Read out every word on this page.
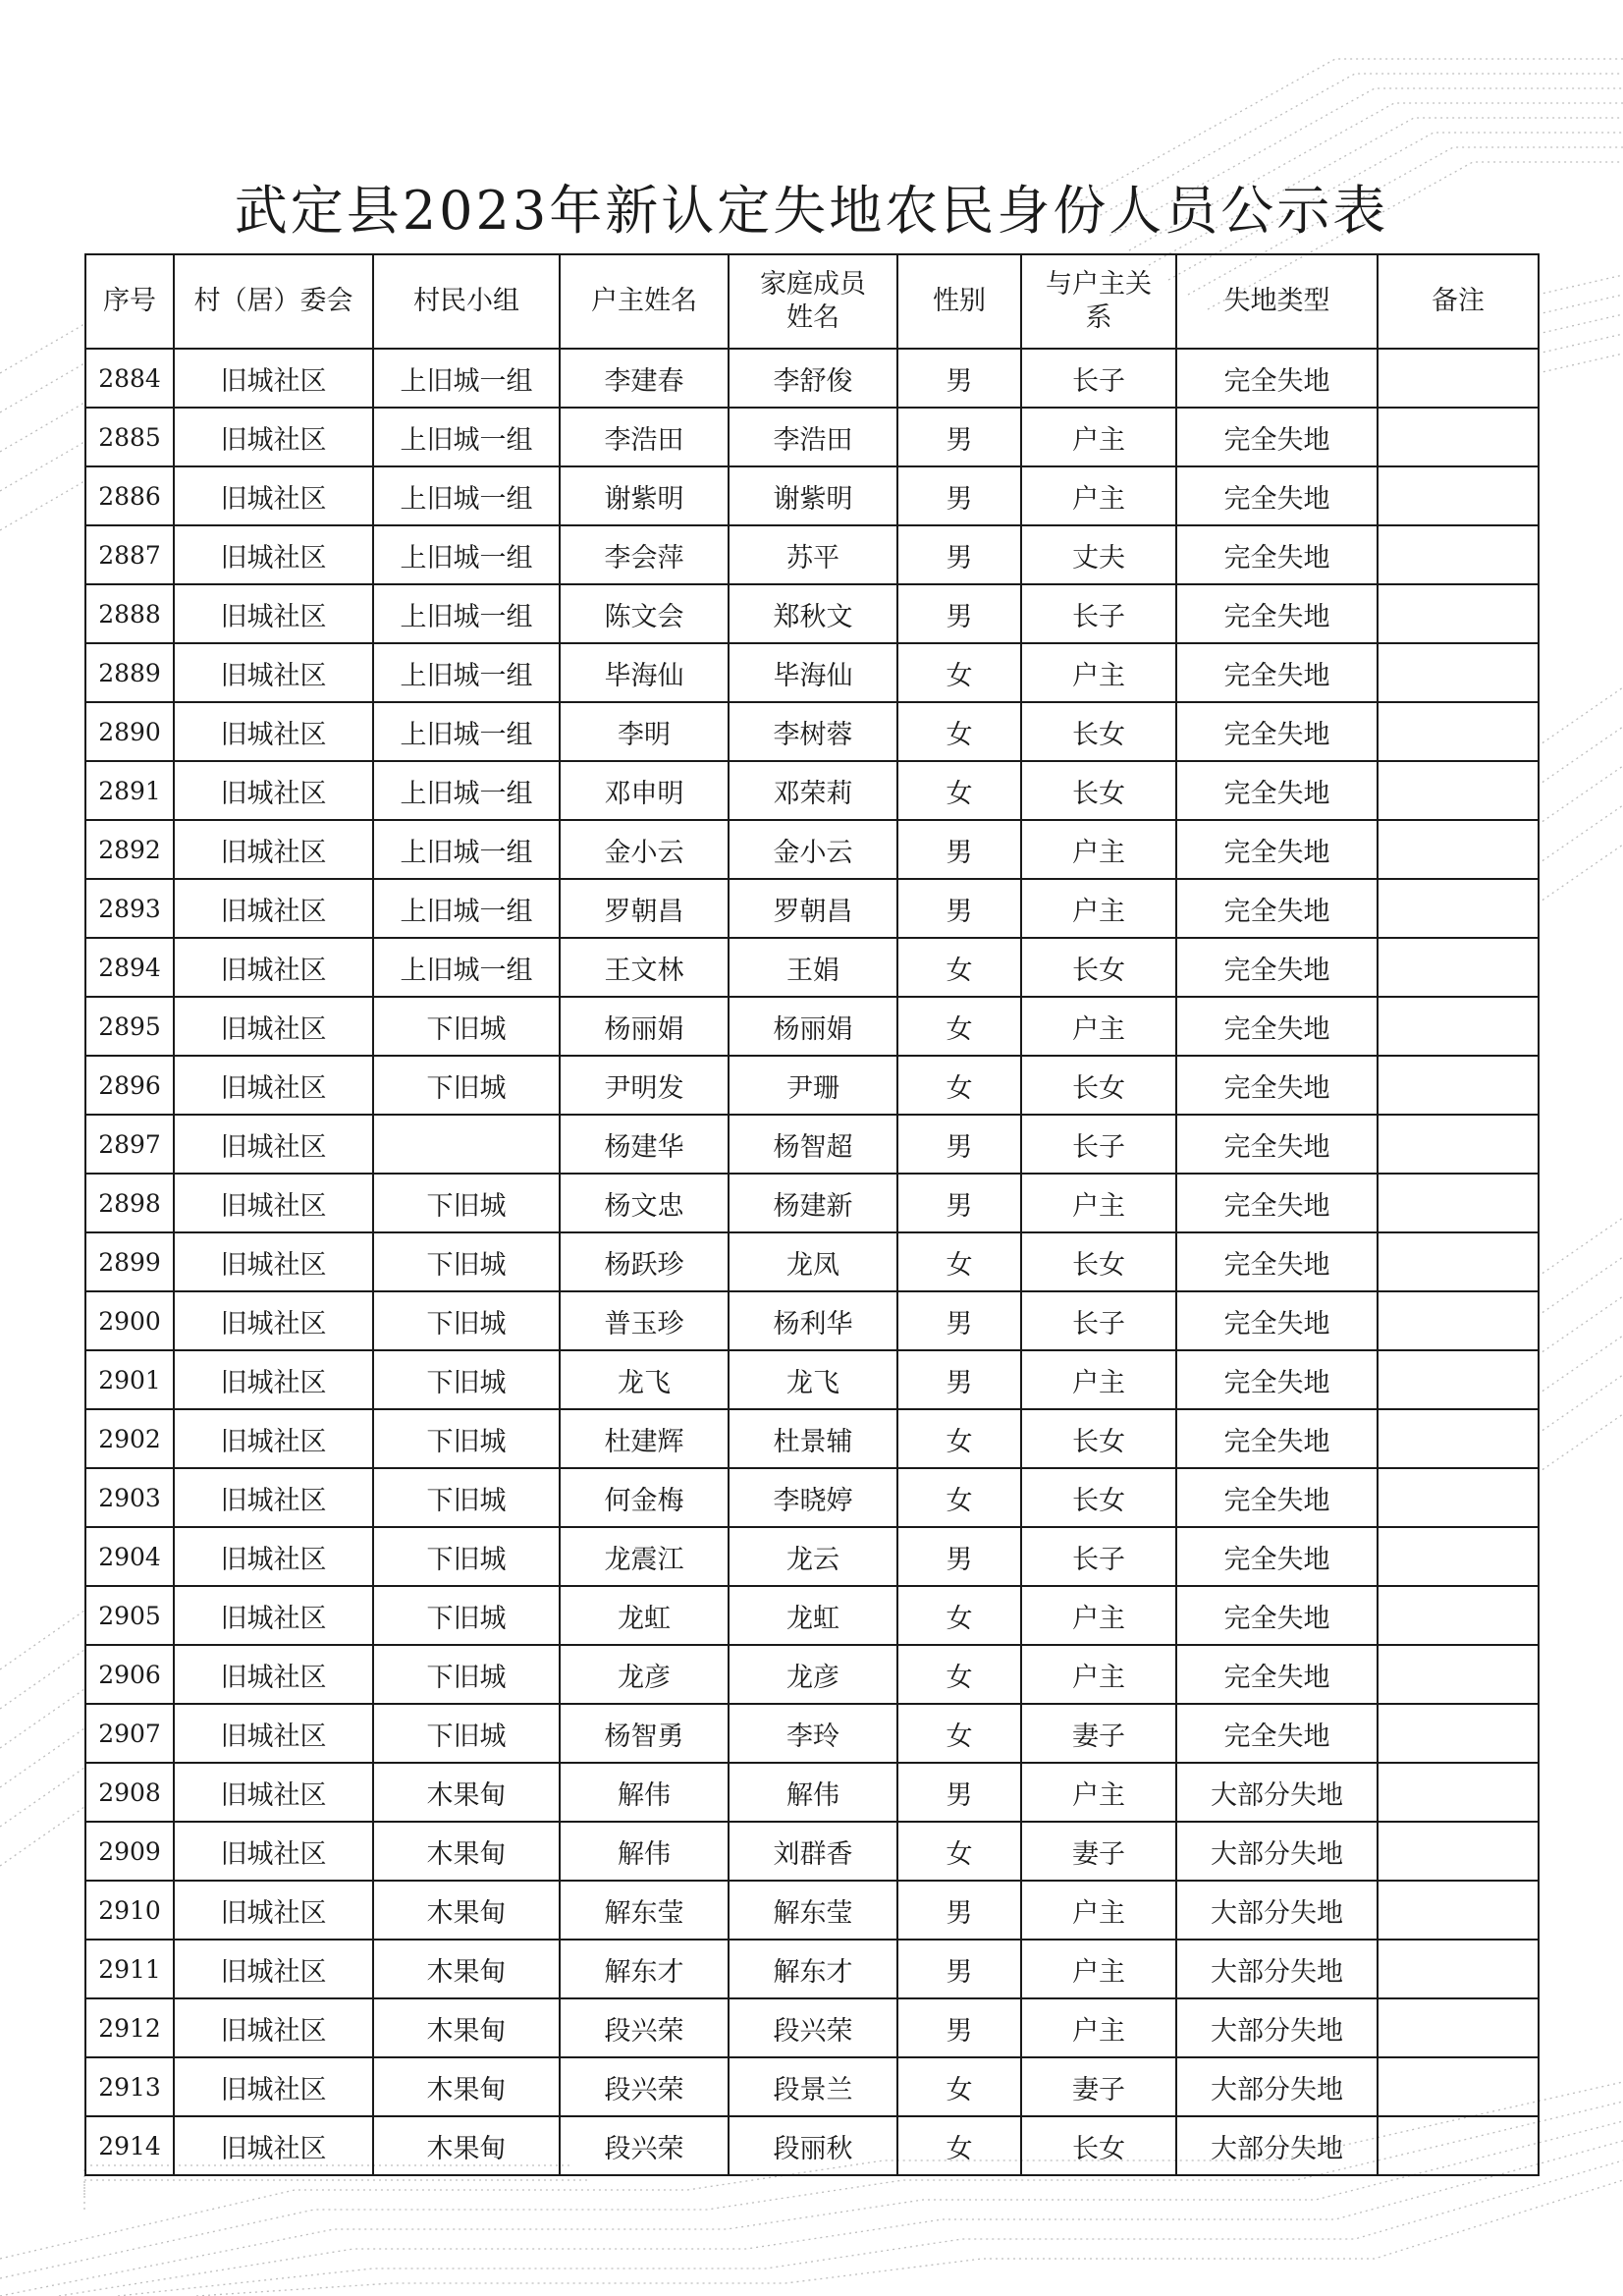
武定县2023年新认定失地农民身份人员公示表
序号	村（居）委会	村民小组	户主姓名	家庭成员姓名	性别	与户主关系	失地类型	备注
2884	旧城社区	上旧城一组	李建春	李舒俊	男	长子	完全失地	
2885	旧城社区	上旧城一组	李浩田	李浩田	男	户主	完全失地	
2886	旧城社区	上旧城一组	谢紫明	谢紫明	男	户主	完全失地	
2887	旧城社区	上旧城一组	李会萍	苏平	男	丈夫	完全失地	
2888	旧城社区	上旧城一组	陈文会	郑秋文	男	长子	完全失地	
2889	旧城社区	上旧城一组	毕海仙	毕海仙	女	户主	完全失地	
2890	旧城社区	上旧城一组	李明	李树蓉	女	长女	完全失地	
2891	旧城社区	上旧城一组	邓申明	邓荣莉	女	长女	完全失地	
2892	旧城社区	上旧城一组	金小云	金小云	男	户主	完全失地	
2893	旧城社区	上旧城一组	罗朝昌	罗朝昌	男	户主	完全失地	
2894	旧城社区	上旧城一组	王文林	王娟	女	长女	完全失地	
2895	旧城社区	下旧城	杨丽娟	杨丽娟	女	户主	完全失地	
2896	旧城社区	下旧城	尹明发	尹珊	女	长女	完全失地	
2897	旧城社区		杨建华	杨智超	男	长子	完全失地	
2898	旧城社区	下旧城	杨文忠	杨建新	男	户主	完全失地	
2899	旧城社区	下旧城	杨跃珍	龙凤	女	长女	完全失地	
2900	旧城社区	下旧城	普玉珍	杨利华	男	长子	完全失地	
2901	旧城社区	下旧城	龙飞	龙飞	男	户主	完全失地	
2902	旧城社区	下旧城	杜建辉	杜景辅	女	长女	完全失地	
2903	旧城社区	下旧城	何金梅	李晓婷	女	长女	完全失地	
2904	旧城社区	下旧城	龙震江	龙云	男	长子	完全失地	
2905	旧城社区	下旧城	龙虹	龙虹	女	户主	完全失地	
2906	旧城社区	下旧城	龙彦	龙彦	女	户主	完全失地	
2907	旧城社区	下旧城	杨智勇	李玲	女	妻子	完全失地	
2908	旧城社区	木果甸	解伟	解伟	男	户主	大部分失地	
2909	旧城社区	木果甸	解伟	刘群香	女	妻子	大部分失地	
2910	旧城社区	木果甸	解东莹	解东莹	男	户主	大部分失地	
2911	旧城社区	木果甸	解东才	解东才	男	户主	大部分失地	
2912	旧城社区	木果甸	段兴荣	段兴荣	男	户主	大部分失地	
2913	旧城社区	木果甸	段兴荣	段景兰	女	妻子	大部分失地	
2914	旧城社区	木果甸	段兴荣	段丽秋	女	长女	大部分失地	
